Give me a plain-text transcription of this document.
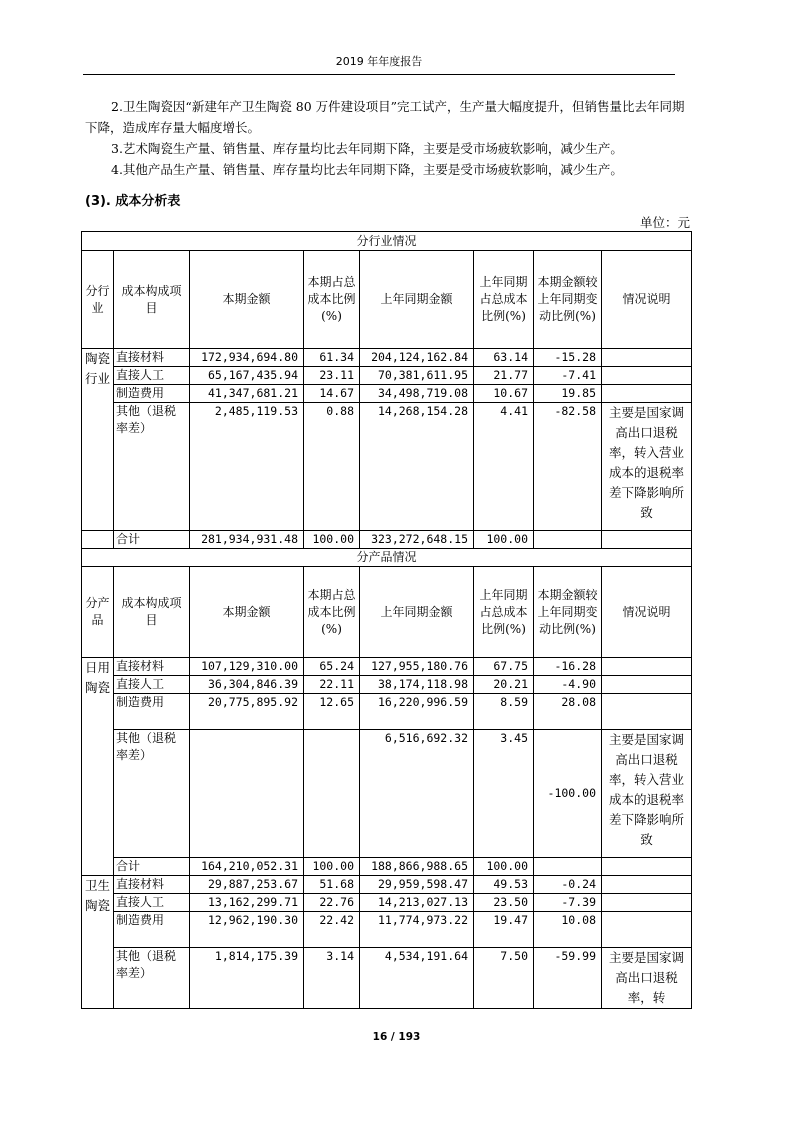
2019 年年度报告
2.卫生陶瓷因“新建年产卫生陶瓷 80 万件建设项目”完工试产，生产量大幅度提升，但销售量比去年同期下降，造成库存量大幅度增长。
3.艺术陶瓷生产量、销售量、库存量均比去年同期下降，主要是受市场疲软影响，减少生产。
4.其他产品生产量、销售量、库存量均比去年同期下降，主要是受市场疲软影响，减少生产。
(3). 成本分析表
单位：元
分行业情况							
分行业	成本构成项目	本期金额	本期占总成本比例(%)	上年同期金额	上年同期占总成本比例(%)	本期金额较上年同期变动比例(%)	情况说明
陶瓷行业	直接材料	172,934,694.80	61.34	204,124,162.84	63.14	-15.28	
	直接人工	65,167,435.94	23.11	70,381,611.95	21.77	-7.41	
	制造费用	41,347,681.21	14.67	34,498,719.08	10.67	19.85	
	其他（退税率差）	2,485,119.53	0.88	14,268,154.28	4.41	-82.58	主要是国家调高出口退税率，转入营业成本的退税率差下降影响所致
	合计	281,934,931.48	100.00	323,272,648.15	100.00		
分产品情况							
分产品	成本构成项目	本期金额	本期占总成本比例(%)	上年同期金额	上年同期占总成本比例(%)	本期金额较上年同期变动比例(%)	情况说明
日用陶瓷	直接材料	107,129,310.00	65.24	127,955,180.76	67.75	-16.28	
	直接人工	36,304,846.39	22.11	38,174,118.98	20.21	-4.90	
	制造费用	20,775,895.92	12.65	16,220,996.59	8.59	28.08	
	其他（退税率差）			6,516,692.32	3.45	-100.00	主要是国家调高出口退税率，转入营业成本的退税率差下降影响所致
	合计	164,210,052.31	100.00	188,866,988.65	100.00		
卫生陶瓷	直接材料	29,887,253.67	51.68	29,959,598.47	49.53	-0.24	
	直接人工	13,162,299.71	22.76	14,213,027.13	23.50	-7.39	
	制造费用	12,962,190.30	22.42	11,774,973.22	19.47	10.08	
	其他（退税率差）	1,814,175.39	3.14	4,534,191.64	7.50	-59.99	主要是国家调高出口退税率，转
16 / 193
